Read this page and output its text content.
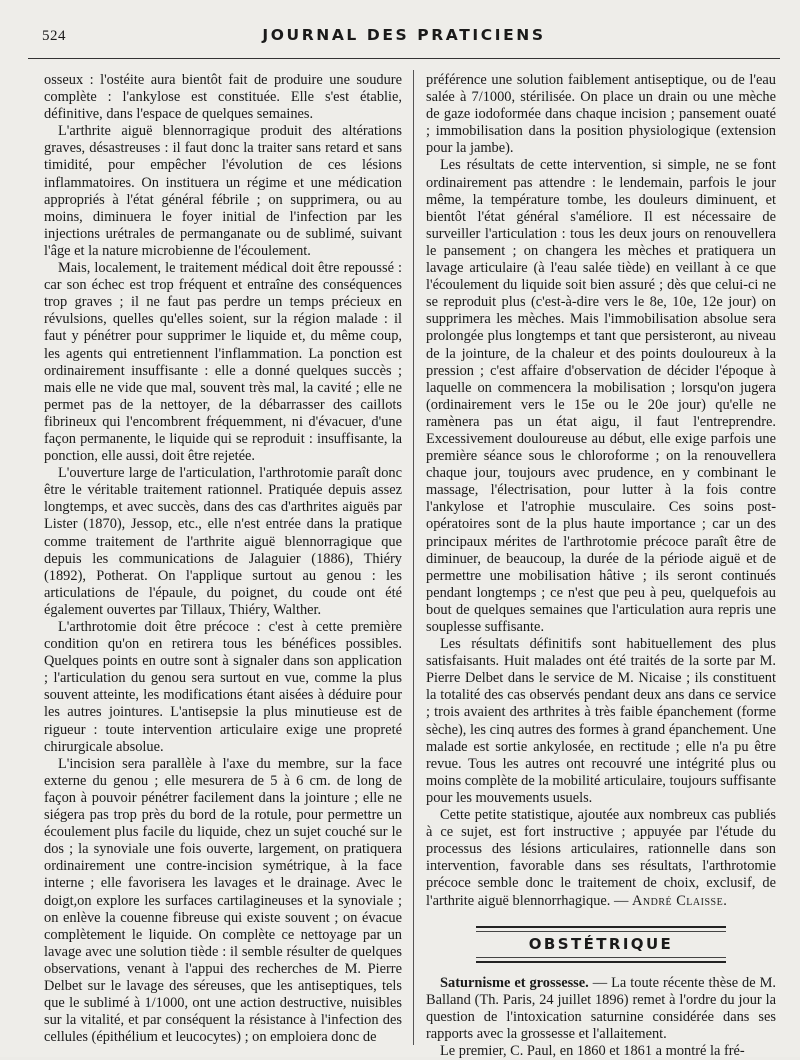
524	JOURNAL DES PRATICIENS

osseux : l'ostéite aura bientôt fait de produire une soudure complète : l'ankylose est constituée. Elle s'est établie, définitive, dans l'espace de quelques semaines.

L'arthrite aiguë blennorragique produit des altérations graves, désastreuses : il faut donc la traiter sans retard et sans timidité, pour empêcher l'évolution de ces lésions inflammatoires. On instituera un régime et une médication appropriés à l'état général fébrile ; on supprimera, ou au moins, diminuera le foyer initial de l'infection par les injections urétrales de permanganate ou de sublimé, suivant l'âge et la nature microbienne de l'écoulement.

Mais, localement, le traitement médical doit être repoussé : car son échec est trop fréquent et entraîne des conséquences trop graves ; il ne faut pas perdre un temps précieux en révulsions, quelles qu'elles soient, sur la région malade : il faut y pénétrer pour supprimer le liquide et, du même coup, les agents qui entretiennent l'inflammation. La ponction est ordinairement insuffisante : elle a donné quelques succès ; mais elle ne vide que mal, souvent très mal, la cavité ; elle ne permet pas de la nettoyer, de la débarrasser des caillots fibrineux qui l'encombrent fréquemment, ni d'évacuer, d'une façon permanente, le liquide qui se reproduit : insuffisante, la ponction, elle aussi, doit être rejetée.

L'ouverture large de l'articulation, l'arthrotomie paraît donc être le véritable traitement rationnel. Pratiquée depuis assez longtemps, et avec succès, dans des cas d'arthrites aiguës par Lister (1870), Jessop, etc., elle n'est entrée dans la pratique comme traitement de l'arthrite aiguë blennorragique que depuis les communications de Jalaguier (1886), Thiéry (1892), Potherat. On l'applique surtout au genou : les articulations de l'épaule, du poignet, du coude ont été également ouvertes par Tillaux, Thiéry, Walther.

L'arthrotomie doit être précoce : c'est à cette première condition qu'on en retirera tous les bénéfices possibles. Quelques points en outre sont à signaler dans son application ; l'articulation du genou sera surtout en vue, comme la plus souvent atteinte, les modifications étant aisées à déduire pour les autres jointures. L'antisepsie la plus minutieuse est de rigueur : toute intervention articulaire exige une propreté chirurgicale absolue.

L'incision sera parallèle à l'axe du membre, sur la face externe du genou ; elle mesurera de 5 à 6 cm. de long de façon à pouvoir pénétrer facilement dans la jointure ; elle ne siégera pas trop près du bord de la rotule, pour permettre un écoulement plus facile du liquide, chez un sujet couché sur le dos ; la synoviale une fois ouverte, largement, on pratiquera ordinairement une contre-incision symétrique, à la face interne ; elle favorisera les lavages et le drainage. Avec le doigt,on explore les surfaces cartilagineuses et la synoviale ; on enlève la couenne fibreuse qui existe souvent ; on évacue complètement le liquide. On complète ce nettoyage par un lavage avec une solution tiède : il semble résulter de quelques observations, venant à l'appui des recherches de M. Pierre Delbet sur le lavage des séreuses, que les antiseptiques, tels que le sublimé à 1/1000, ont une action destructive, nuisibles sur la vitalité, et par conséquent la résistance à l'infection des cellules (épithélium et leucocytes) ; on emploiera donc de

préférence une solution faiblement antiseptique, ou de l'eau salée à 7/1000, stérilisée. On place un drain ou une mèche de gaze iodoformée dans chaque incision ; pansement ouaté ; immobilisation dans la position physiologique (extension pour la jambe).

Les résultats de cette intervention, si simple, ne se font ordinairement pas attendre : le lendemain, parfois le jour même, la température tombe, les douleurs diminuent, et bientôt l'état général s'améliore. Il est nécessaire de surveiller l'articulation : tous les deux jours on renouvellera le pansement ; on changera les mèches et pratiquera un lavage articulaire (à l'eau salée tiède) en veillant à ce que l'écoulement du liquide soit bien assuré ; dès que celui-ci ne se reproduit plus (c'est-à-dire vers le 8e, 10e, 12e jour) on supprimera les mèches. Mais l'immobilisation absolue sera prolongée plus longtemps et tant que persisteront, au niveau de la jointure, de la chaleur et des points douloureux à la pression ; c'est affaire d'observation de décider l'époque à laquelle on commencera la mobilisation ; lorsqu'on jugera (ordinairement vers le 15e ou le 20e jour) qu'elle ne ramènera pas un état aigu, il faut l'entreprendre. Excessivement douloureuse au début, elle exige parfois une première séance sous le chloroforme ; on la renouvellera chaque jour, toujours avec prudence, en y combinant le massage, l'électrisation, pour lutter à la fois contre l'ankylose et l'atrophie musculaire. Ces soins post-opératoires sont de la plus haute importance ; car un des principaux mérites de l'arthrotomie précoce paraît être de diminuer, de beaucoup, la durée de la période aiguë et de permettre une mobilisation hâtive ; ils seront continués pendant longtemps ; ce n'est que peu à peu, quelquefois au bout de quelques semaines que l'articulation aura repris une souplesse suffisante.

Les résultats définitifs sont habituellement des plus satisfaisants. Huit malades ont été traités de la sorte par M. Pierre Delbet dans le service de M. Nicaise ; ils constituent la totalité des cas observés pendant deux ans dans ce service ; trois avaient des arthrites à très faible épanchement (forme sèche), les cinq autres des formes à grand épanchement. Une malade est sortie ankylosée, en rectitude ; elle n'a pu être revue. Tous les autres ont recouvré une intégrité plus ou moins complète de la mobilité articulaire, toujours suffisante pour les mouvements usuels.

Cette petite statistique, ajoutée aux nombreux cas publiés à ce sujet, est fort instructive ; appuyée par l'étude du processus des lésions articulaires, rationnelle dans son intervention, favorable dans ses résultats, l'arthrotomie précoce semble donc le traitement de choix, exclusif, de l'arthrite aiguë blennorrhagique. — André Claisse.

OBSTÉTRIQUE

Saturnisme et grossesse. — La toute récente thèse de M. Balland (Th. Paris, 24 juillet 1896) remet à l'ordre du jour la question de l'intoxication saturnine considérée dans ses rapports avec la grossesse et l'allaitement.

Le premier, C. Paul, en 1860 et 1861 a montré la fré-
